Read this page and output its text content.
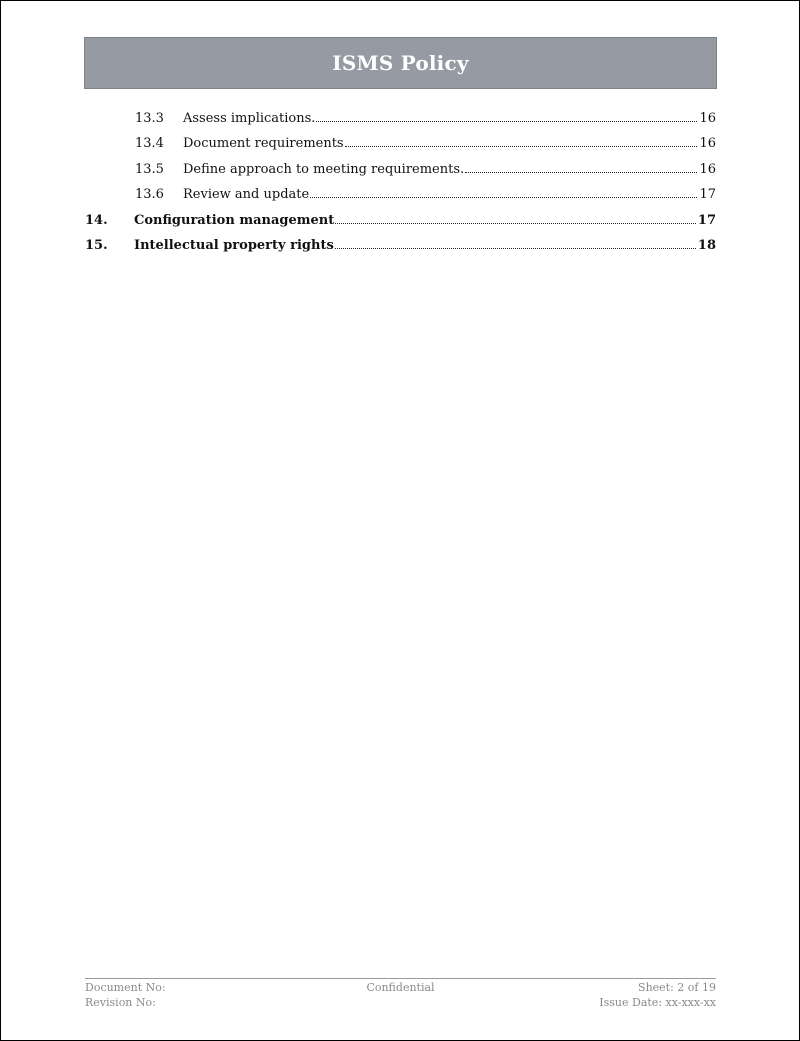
ISMS Policy
13.3 Assess implications.	16
13.4 Document requirements	16
13.5 Define approach to meeting requirements.	16
13.6 Review and update	17
14. Configuration management	17
15. Intellectual property rights	18
Document No:	Confidential	Sheet: 2 of 19
Revision No:	Issue Date: xx-xxx-xx
